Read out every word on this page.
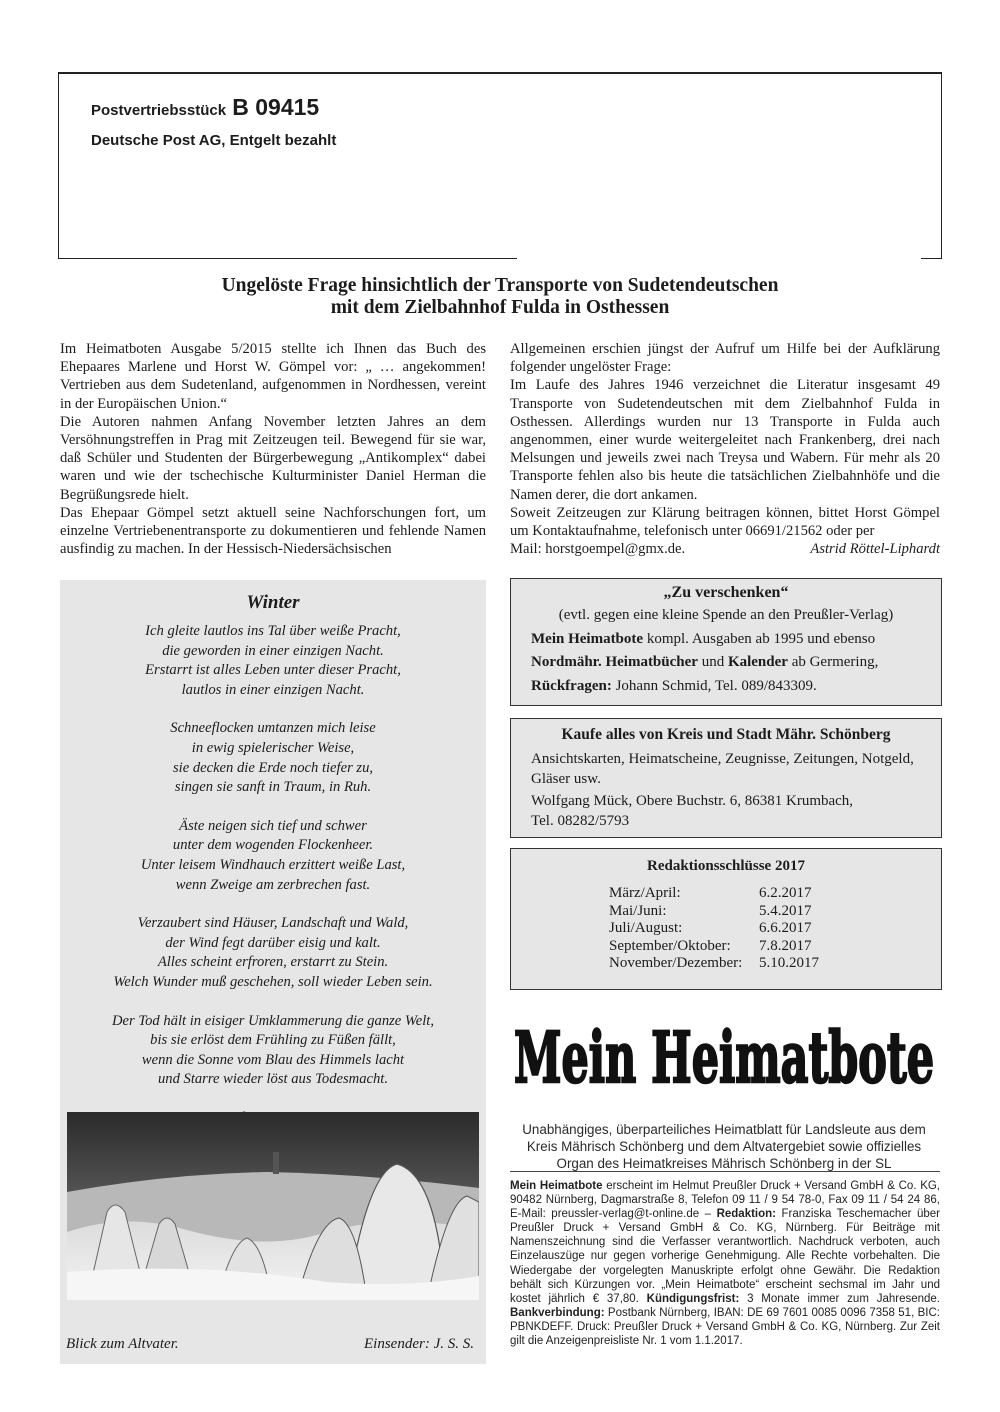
Postvertriebsstück B 09415
Deutsche Post AG, Entgelt bezahlt
Ungelöste Frage hinsichtlich der Transporte von Sudetendeutschen
mit dem Zielbahnhof Fulda in Osthessen

Im Heimatboten Ausgabe 5/2015 stellte ich Ihnen das Buch des Ehepaares Marlene und Horst W. Gömpel vor: „ … angekommen! Vertrieben aus dem Sudetenland, aufgenommen in Nordhessen, vereint in der Europäischen Union.“

Die Autoren nahmen Anfang November letzten Jahres an dem Versöhnungstreffen in Prag mit Zeitzeugen teil. Bewegend für sie war, daß Schüler und Studenten der Bürgerbewegung „Antikomplex“ dabei waren und wie der tschechische Kulturminister Daniel Herman die Begrüßungsrede hielt.

Das Ehepaar Gömpel setzt aktuell seine Nachforschungen fort, um einzelne Vertriebenentransporte zu dokumentieren und fehlende Namen ausfindig zu machen. In der Hessisch-Niedersächsischen

Allgemeinen erschien jüngst der Aufruf um Hilfe bei der Aufklärung folgender ungelöster Frage:

Im Laufe des Jahres 1946 verzeichnet die Literatur insgesamt 49 Transporte von Sudetendeutschen mit dem Zielbahnhof Fulda in Osthessen. Allerdings wurden nur 13 Transporte in Fulda auch angenommen, einer wurde weitergeleitet nach Frankenberg, drei nach Melsungen und jeweils zwei nach Treysa und Wabern. Für mehr als 20 Transporte fehlen also bis heute die tatsächlichen Zielbahnhöfe und die Namen derer, die dort ankamen.

Soweit Zeitzeugen zur Klärung beitragen können, bittet Horst Gömpel um Kontaktaufnahme, telefonisch unter 06691/21562 oder per

Mail: horstgoempel@gmx.de.	Astrid Röttel-Liphardt
Winter
Ich gleite lautlos ins Tal über weiße Pracht,
die geworden in einer einzigen Nacht.
Erstarrt ist alles Leben unter dieser Pracht,
lautlos in einer einzigen Nacht.
Schneeflocken umtanzen mich leise
in ewig spielerischer Weise,
sie decken die Erde noch tiefer zu,
singen sie sanft in Traum, in Ruh.
Äste neigen sich tief und schwer
unter dem wogenden Flockenheer.
Unter leisem Windhauch erzittert weiße Last,
wenn Zweige am zerbrechen fast.
Verzaubert sind Häuser, Landschaft und Wald,
der Wind fegt darüber eisig und kalt.
Alles scheint erfroren, erstarrt zu Stein.
Welch Wunder muß geschehen, soll wieder Leben sein.
Der Tod hält in eisiger Umklammerung die ganze Welt,
bis sie erlöst dem Frühling zu Füßen fällt,
wenn die Sonne vom Blau des Himmels lacht
und Starre wieder löst aus Todesmacht.
Blick zum Altvater.	Einsender: J. S. S.
„Zu verschenken“
(evtl. gegen eine kleine Spende an den Preußler-Verlag)
Mein Heimatbote kompl. Ausgaben ab 1995 und ebenso
Nordmähr. Heimatbücher und Kalender ab Germering,
Rückfragen: Johann Schmid, Tel. 089/843309.
Kaufe alles von Kreis und Stadt Mähr. Schönberg
Ansichtskarten, Heimatscheine, Zeugnisse, Zeitungen, Notgeld, Gläser usw.
Wolfgang Mück, Obere Buchstr. 6, 86381 Krumbach,
Tel. 08282/5793
Redaktionsschlüsse 2017
März/April:	6.2.2017
Mai/Juni:	5.4.2017
Juli/August:	6.6.2017
September/Oktober:	7.8.2017
November/Dezember:	5.10.2017
Mein Heimatbote
Unabhängiges, überparteiliches Heimatblatt für Landsleute aus dem Kreis Mährisch Schönberg und dem Altvatergebiet sowie offizielles Organ des Heimatkreises Mährisch Schönberg in der SL
Mein Heimatbote erscheint im Helmut Preußler Druck + Versand GmbH & Co. KG, 90482 Nürnberg, Dagmarstraße 8, Telefon 09 11 / 9 54 78-0, Fax 09 11 / 54 24 86, E-Mail: preussler-verlag@t-online.de – Redaktion: Franziska Teschemacher über Preußler Druck + Versand GmbH & Co. KG, Nürnberg. Für Beiträge mit Namenszeichnung sind die Verfasser verantwortlich. Nachdruck verboten, auch Einzelauszüge nur gegen vorherige Genehmigung. Alle Rechte vorbehalten. Die Wiedergabe der vorgelegten Manuskripte erfolgt ohne Gewähr. Die Redaktion behält sich Kürzungen vor. „Mein Heimatbote“ erscheint sechsmal im Jahr und kostet jährlich € 37,80. Kündigungsfrist: 3 Monate immer zum Jahresende. Bankverbindung: Postbank Nürnberg, IBAN: DE 69 7601 0085 0096 7358 51, BIC: PBNKDEFF. Druck: Preußler Druck + Versand GmbH & Co. KG, Nürnberg. Zur Zeit gilt die Anzeigenpreisliste Nr. 1 vom 1.1.2017.
